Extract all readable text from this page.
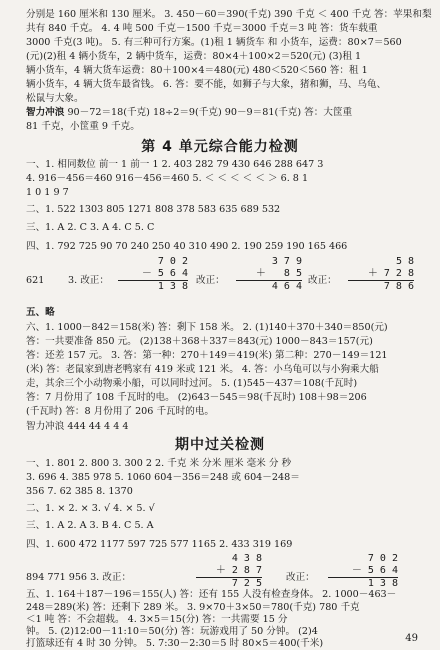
分别是 160 厘米和 130 厘米。 3. 450－60＝390(千克) 390 千克 ＜ 400 千克 答：苹果和梨
共有 840 千克。 4. 4 吨 500 千克－1500 千克＝3000 千克＝3 吨 答：货车载重
3000 千克(3 吨)。 5. 有三种可行方案。(1)租 1 辆货车 和 小货车，运费：80×7＝560
(元)(2)租 4 辆小货车，2 辆中货车，运费：80×4＋100×2＝520(元) (3)租 1
辆小货车，4 辆大货车运费：80＋100×4＝480(元) 480＜520＜560 答：租 1
辆小货车，4 辆大货车最省钱。 6. 答：要不能，如狮子与大象，猪和狮，马、乌龟、
松鼠与大象。
智力冲浪 90－72＝18(千克) 18÷2＝9(千克) 90－9＝81(千克) 答：大筐重
81 千克，小筐重 9 千克。
第 4 单元综合能力检测
一、1. 相同数位 前一 1 前一 1 2. 403 282 79 430 646 288 647 3
4. 916－456＝460 916－456＝460 5. ＜ ＜ ＜ ＜ ＜ ＞ 6. 8 1
1 0 1 9 7
二、1. 522 1303 805 1271 808 378 583 635 689 532
三、1. A 2. C 3. A 4. C 5. C
四、1. 792 725 90 70 240 250 40 310 490 2. 190 259 190 165 466
621	3. 改正：
7 0 2
－ 5 6 4
1 3 8
改正：
3 7 9
＋   8 5
4 6 4
改正：
5 8
＋ 7 2 8
7 8 6
五、略
六、1. 1000－842＝158(米) 答：剩下 158 米。 2. (1)140＋370＋340＝850(元)
答：一共要准备 850 元。 (2)138＋368＋337＝843(元) 1000－843＝157(元)
答：还差 157 元。 3. 答：第一种：270＋149＝419(米) 第二种：270－149＝121
(米) 答：老鼠家到唐老鸭家有 419 米或 121 米。 4. 答：小乌龟可以与小狗乘大船
走，其余三个小动物乘小船，可以同时过河。 5. (1)545－437＝108(千瓦时)
答：7 月份用了 108 千瓦时的电。 (2)643－545＝98(千瓦时) 108＋98＝206
(千瓦时) 答：8 月份用了 206 千瓦时的电。
智力冲浪 444 44 4 4 4
期中过关检测
一、1. 801 2. 800 3. 300 2 2. 千克 米 分米 厘米 毫米 分 秒
3. 696 4. 385 978 5. 1060 604－356＝248 或 604－248＝
356 7. 62 385 8. 1370
二、1. × 2. × 3. √ 4. × 5. √
三、1. A 2. A 3. B 4. C 5. A
四、1. 600 472 1177 597 725 577 1165 2. 433 319 169
894 771 956 3. 改正：
4 3 8
＋ 2 8 7
7 2 5
改正：
7 0 2
－ 5 6 4
1 3 8
五、1. 164＋187－196＝155(人) 答：还有 155 人没有检查身体。 2. 1000－463－
248＝289(米) 答：还剩下 289 米。 3. 9×70＋3×50＝780(千克) 780 千克
＜1 吨 答：不会超载。 4. 3×5＝15(分) 答：一共需要 15 分
钟。 5. (2)12:00－11:10＝50(分) 答：玩游戏用了 50 分钟。 (2)4
打篮球还有 4 时 30 分钟。 5. 7:30－2:30＝5 时 80×5＝400(千米)	49
